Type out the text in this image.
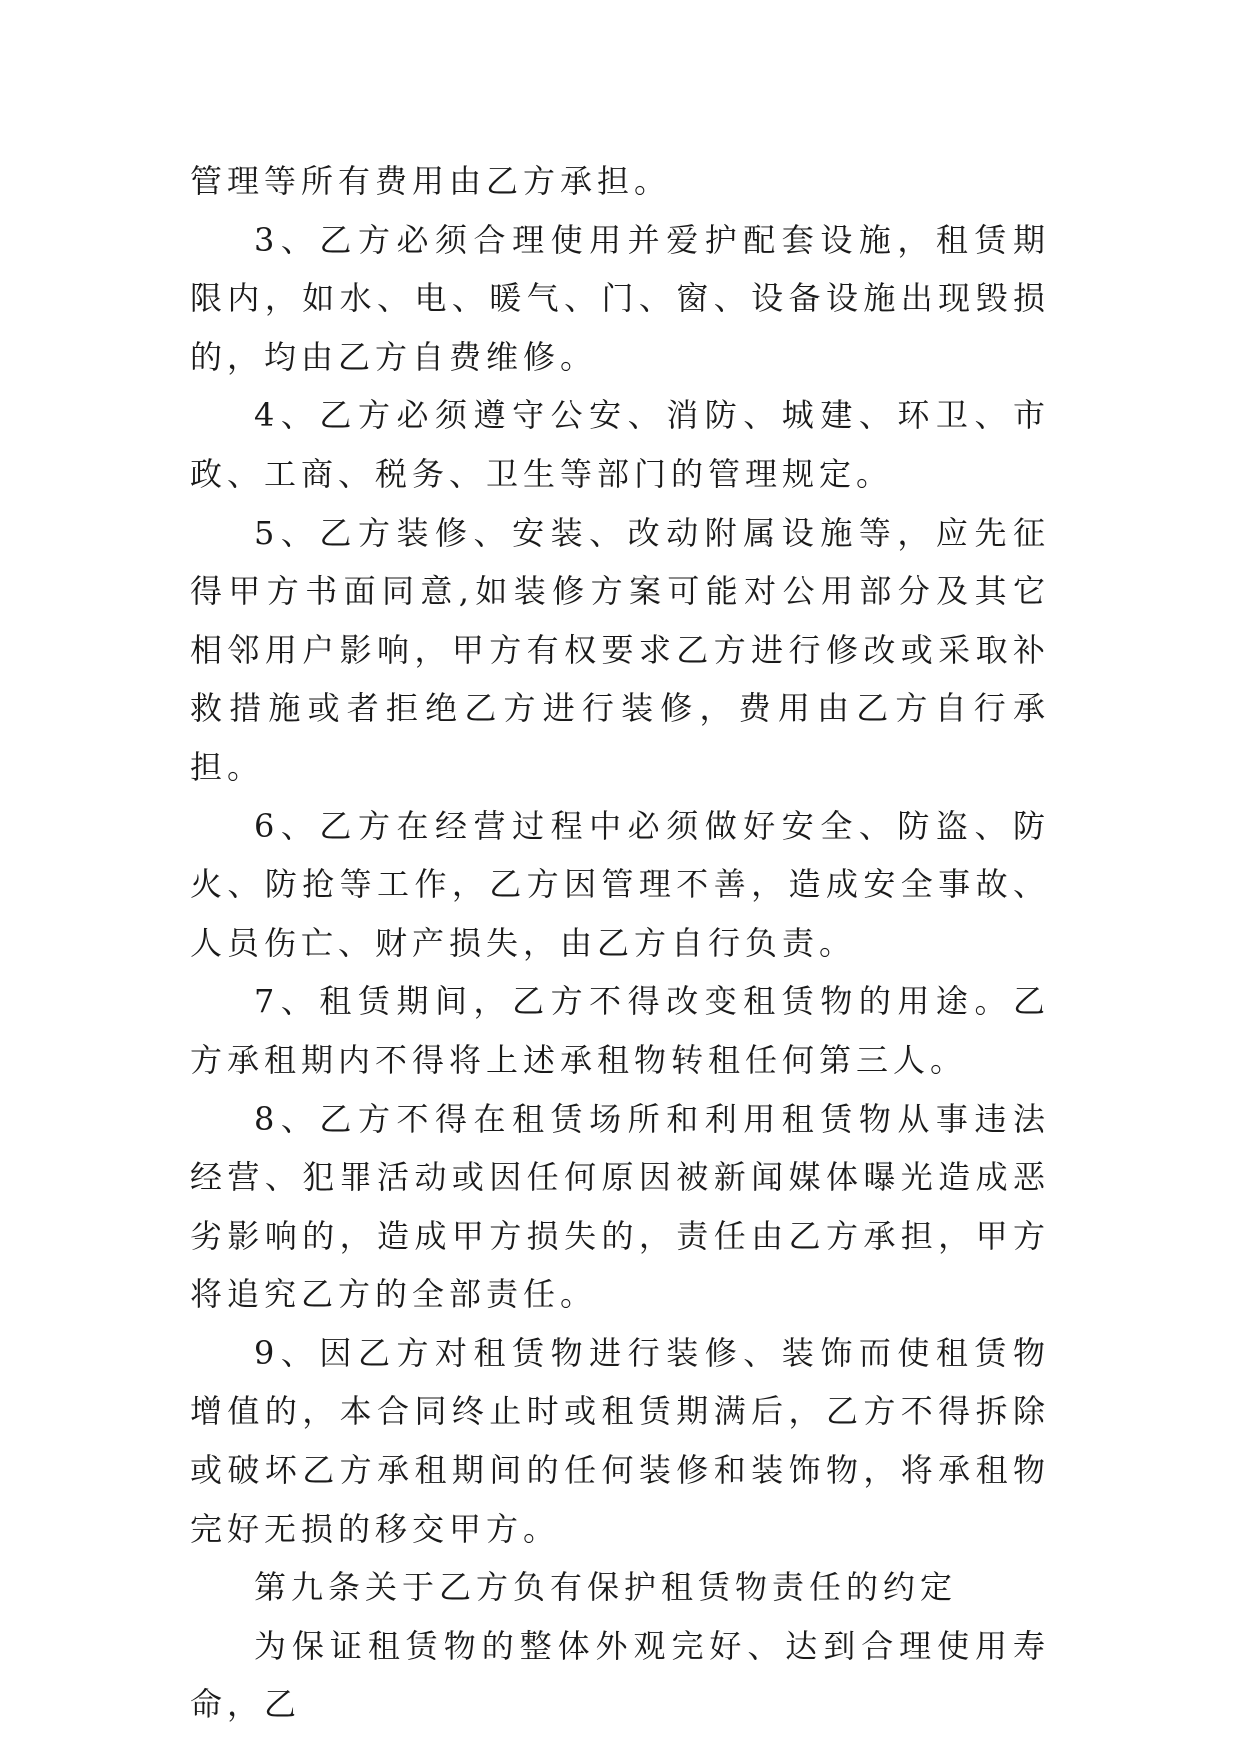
管理等所有费用由乙方承担。

3、乙方必须合理使用并爱护配套设施，租赁期限内，如水、电、暖气、门、窗、设备设施出现毁损的，均由乙方自费维修。

4、乙方必须遵守公安、消防、城建、环卫、市政、工商、税务、卫生等部门的管理规定。

5、乙方装修、安装、改动附属设施等，应先征得甲方书面同意,如装修方案可能对公用部分及其它相邻用户影响，甲方有权要求乙方进行修改或采取补救措施或者拒绝乙方进行装修，费用由乙方自行承担。

6、乙方在经营过程中必须做好安全、防盗、防火、防抢等工作，乙方因管理不善，造成安全事故、人员伤亡、财产损失，由乙方自行负责。

7、租赁期间，乙方不得改变租赁物的用途。乙方承租期内不得将上述承租物转租任何第三人。

8、乙方不得在租赁场所和利用租赁物从事违法经营、犯罪活动或因任何原因被新闻媒体曝光造成恶劣影响的，造成甲方损失的，责任由乙方承担，甲方将追究乙方的全部责任。

9、因乙方对租赁物进行装修、装饰而使租赁物增值的，本合同终止时或租赁期满后，乙方不得拆除或破坏乙方承租期间的任何装修和装饰物，将承租物完好无损的移交甲方。

第九条关于乙方负有保护租赁物责任的约定

为保证租赁物的整体外观完好、达到合理使用寿命，乙
